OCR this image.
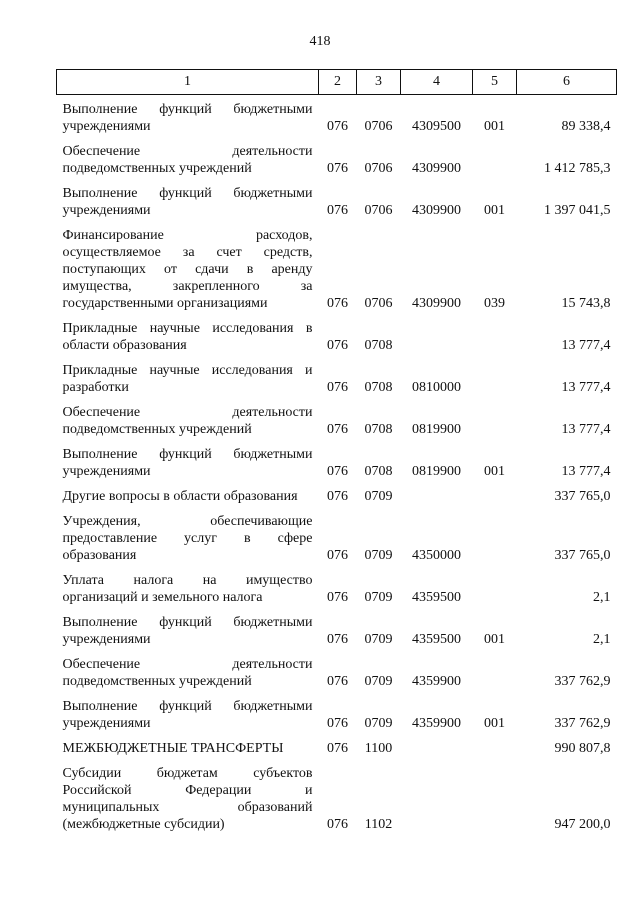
418
1	2	3	4	5	6
Выполнение функций бюджетными учреждениями	076	0706	4309500	001	89 338,4
Обеспечение деятельности подведомственных учреждений	076	0706	4309900		1 412 785,3
Выполнение функций бюджетными учреждениями	076	0706	4309900	001	1 397 041,5
Финансирование расходов, осуществляемое за счет средств, поступающих от сдачи в аренду имущества, закрепленного за государственными организациями	076	0706	4309900	039	15 743,8
Прикладные научные исследования в области образования	076	0708			13 777,4
Прикладные научные исследования и разработки	076	0708	0810000		13 777,4
Обеспечение деятельности подведомственных учреждений	076	0708	0819900		13 777,4
Выполнение функций бюджетными учреждениями	076	0708	0819900	001	13 777,4
Другие вопросы в области образования	076	0709			337 765,0
Учреждения, обеспечивающие предоставление услуг в сфере образования	076	0709	4350000		337 765,0
Уплата налога на имущество организаций и земельного налога	076	0709	4359500		2,1
Выполнение функций бюджетными учреждениями	076	0709	4359500	001	2,1
Обеспечение деятельности подведомственных учреждений	076	0709	4359900		337 762,9
Выполнение функций бюджетными учреждениями	076	0709	4359900	001	337 762,9
МЕЖБЮДЖЕТНЫЕ ТРАНСФЕРТЫ	076	1100			990 807,8
Субсидии бюджетам субъектов Российской Федерации и муниципальных образований (межбюджетные субсидии)	076	1102			947 200,0
